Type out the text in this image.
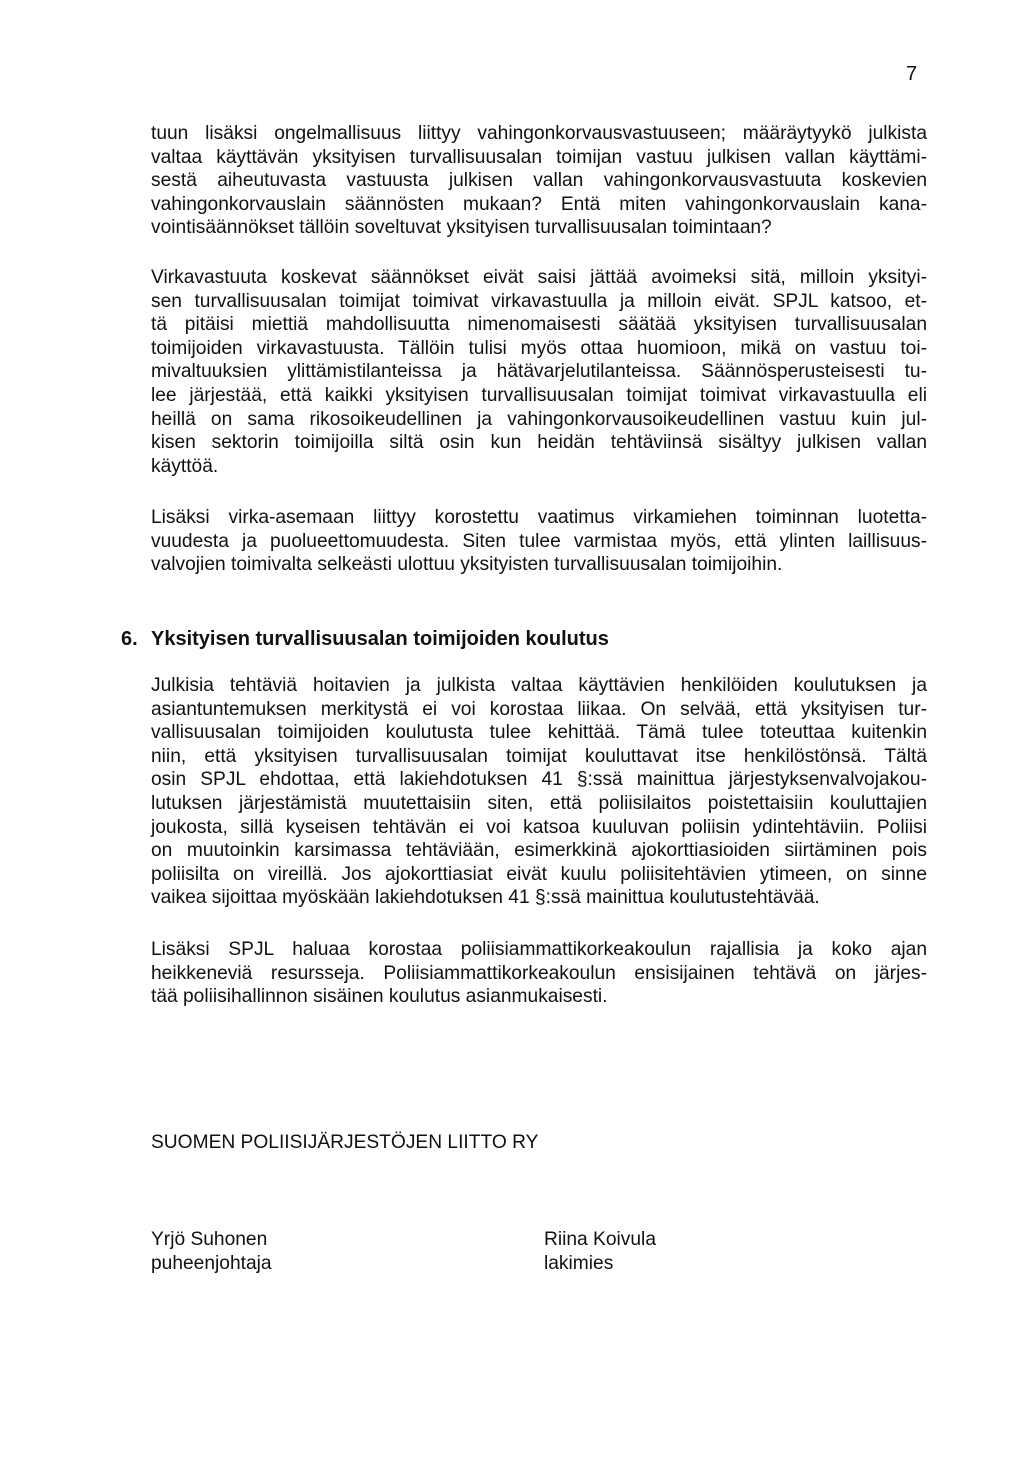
7
tuun lisäksi ongelmallisuus liittyy vahingonkorvausvastuuseen; määräytyykö julkista
valtaa käyttävän yksityisen turvallisuusalan toimijan vastuu julkisen vallan käyttämi-
sestä aiheutuvasta vastuusta julkisen vallan vahingonkorvausvastuuta koskevien
vahingonkorvauslain säännösten mukaan? Entä miten vahingonkorvauslain kana-
vointisäännökset tällöin soveltuvat yksityisen turvallisuusalan toimintaan?
Virkavastuuta koskevat säännökset eivät saisi jättää avoimeksi sitä, milloin yksityi-
sen turvallisuusalan toimijat toimivat virkavastuulla ja milloin eivät. SPJL katsoo, et-
tä pitäisi miettiä mahdollisuutta nimenomaisesti säätää yksityisen turvallisuusalan
toimijoiden virkavastuusta. Tällöin tulisi myös ottaa huomioon, mikä on vastuu toi-
mivaltuuksien ylittämistilanteissa ja hätävarjelutilanteissa. Säännösperusteisesti tu-
lee järjestää, että kaikki yksityisen turvallisuusalan toimijat toimivat virkavastuulla eli
heillä on sama rikosoikeudellinen ja vahingonkorvausoikeudellinen vastuu kuin jul-
kisen sektorin toimijoilla siltä osin kun heidän tehtäviinsä sisältyy julkisen vallan
käyttöä.
Lisäksi virka-asemaan liittyy korostettu vaatimus virkamiehen toiminnan luotetta-
vuudesta ja puolueettomuudesta. Siten tulee varmistaa myös, että ylinten laillisuus-
valvojien toimivalta selkeästi ulottuu yksityisten turvallisuusalan toimijoihin.
6. Yksityisen turvallisuusalan toimijoiden koulutus
Julkisia tehtäviä hoitavien ja julkista valtaa käyttävien henkilöiden koulutuksen ja
asiantuntemuksen merkitystä ei voi korostaa liikaa. On selvää, että yksityisen tur-
vallisuusalan toimijoiden koulutusta tulee kehittää. Tämä tulee toteuttaa kuitenkin
niin, että yksityisen turvallisuusalan toimijat kouluttavat itse henkilöstönsä. Tältä
osin SPJL ehdottaa, että lakiehdotuksen 41 §:ssä mainittua järjestyksenvalvojakou-
lutuksen järjestämistä muutettaisiin siten, että poliisilaitos poistettaisiin kouluttajien
joukosta, sillä kyseisen tehtävän ei voi katsoa kuuluvan poliisin ydintehtäviin. Poliisi
on muutoinkin karsimassa tehtäviään, esimerkkinä ajokorttiasioiden siirtäminen pois
poliisilta on vireillä. Jos ajokorttiasiat eivät kuulu poliisitehtävien ytimeen, on sinne
vaikea sijoittaa myöskään lakiehdotuksen 41 §:ssä mainittua koulutustehtävää.
Lisäksi SPJL haluaa korostaa poliisiammattikorkeakoulun rajallisia ja koko ajan
heikkeneviä resursseja. Poliisiammattikorkeakoulun ensisijainen tehtävä on järjes-
tää poliisihallinnon sisäinen koulutus asianmukaisesti.
SUOMEN POLIISIJÄRJESTÖJEN LIITTO RY
Yrjö Suhonen
puheenjohtaja
Riina Koivula
lakimies
